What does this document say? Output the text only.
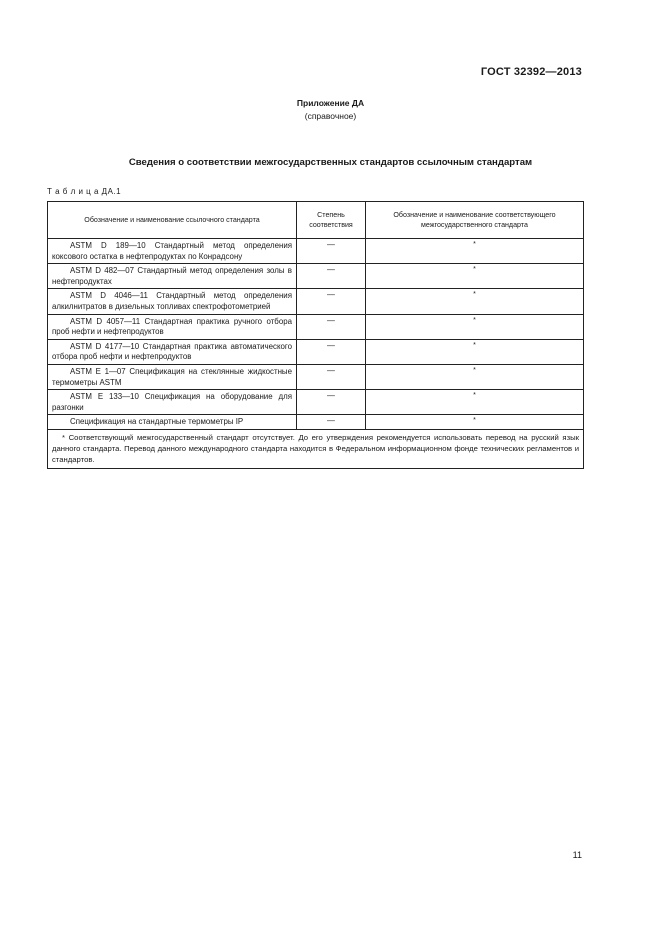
ГОСТ 32392—2013
Приложение ДА
(справочное)
Сведения о соответствии межгосударственных стандартов ссылочным стандартам
Т а б л и ц а ДА.1
Обозначение и наименование ссылочного стандарта	Степень соответствия	Обозначение и наименование соответствующего межгосударственного стандарта
ASTM D 189—10 Стандартный метод определения коксового остатка в нефтепродуктах по Конрадсону	—	*
ASTM D 482—07 Стандартный метод определения золы в нефтепродуктах	—	*
ASTM D 4046—11 Стандартный метод определения алкилнитратов в дизельных топливах спектрофотометрией	—	*
ASTM D 4057—11 Стандартная практика ручного отбора проб нефти и нефтепродуктов	—	*
ASTM D 4177—10 Стандартная практика автоматического отбора проб нефти и нефтепродуктов	—	*
ASTM E 1—07 Спецификация на стеклянные жидкостные термометры ASTM	—	*
ASTM E 133—10 Спецификация на оборудование для разгонки	—	*
Спецификация на стандартные термометры IP	—	*
* Соответствующий межгосударственный стандарт отсутствует. До его утверждения рекомендуется использовать перевод на русский язык данного стандарта. Перевод данного международного стандарта находится в Федеральном информационном фонде технических регламентов и стандартов.		
11
